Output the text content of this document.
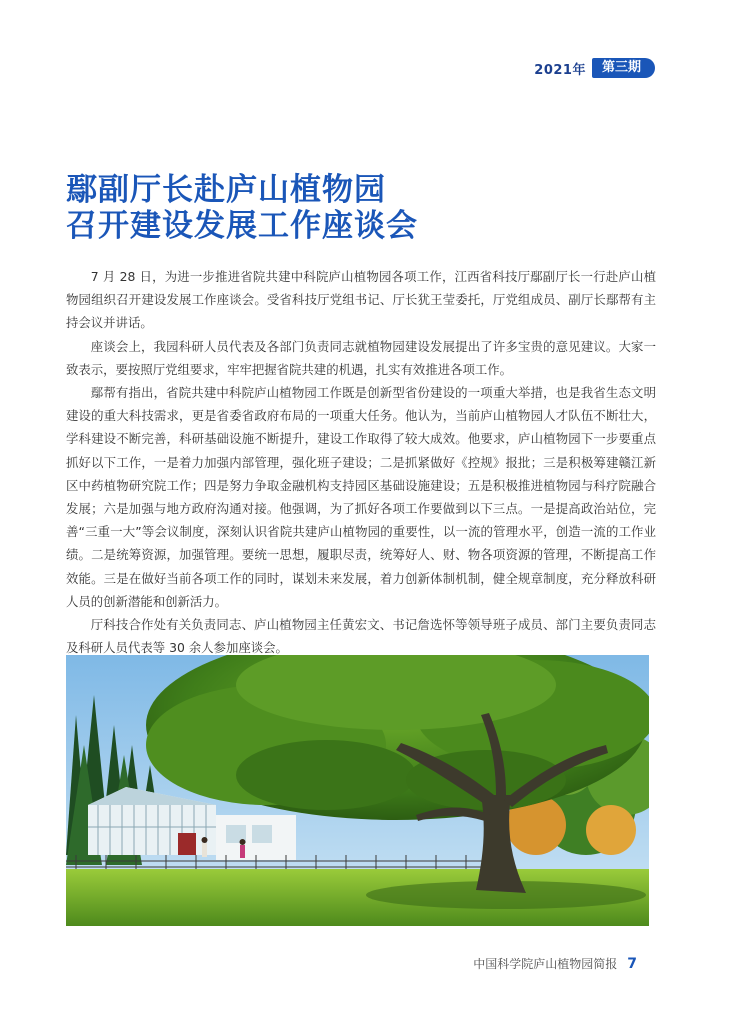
2021年	第三期
鄢副厅长赴庐山植物园
召开建设发展工作座谈会

7 月 28 日，为进一步推进省院共建中科院庐山植物园各项工作，江西省科技厅鄢副厅长一行赴庐山植物园组织召开建设发展工作座谈会。受省科技厅党组书记、厅长犹王莹委托，厅党组成员、副厅长鄢帮有主持会议并讲话。

座谈会上，我园科研人员代表及各部门负责同志就植物园建设发展提出了许多宝贵的意见建议。大家一致表示，要按照厅党组要求，牢牢把握省院共建的机遇，扎实有效推进各项工作。

鄢帮有指出，省院共建中科院庐山植物园工作既是创新型省份建设的一项重大举措，也是我省生态文明建设的重大科技需求，更是省委省政府布局的一项重大任务。他认为，当前庐山植物园人才队伍不断壮大，学科建设不断完善，科研基础设施不断提升，建设工作取得了较大成效。他要求，庐山植物园下一步要重点抓好以下工作，一是着力加强内部管理，强化班子建设；二是抓紧做好《控规》报批；三是积极筹建赣江新区中药植物研究院工作；四是努力争取金融机构支持园区基础设施建设；五是积极推进植物园与科疗院融合发展；六是加强与地方政府沟通对接。他强调，为了抓好各项工作要做到以下三点。一是提高政治站位，完善“三重一大”等会议制度，深刻认识省院共建庐山植物园的重要性，以一流的管理水平，创造一流的工作业绩。二是统筹资源，加强管理。要统一思想，履职尽责，统筹好人、财、物各项资源的管理，不断提高工作效能。三是在做好当前各项工作的同时，谋划未来发展，着力创新体制机制，健全规章制度，充分释放科研人员的创新潜能和创新活力。

厅科技合作处有关负责同志、庐山植物园主任黄宏文、书记詹选怀等领导班子成员、部门主要负责同志及科研人员代表等 30 余人参加座谈会。

中国科学院庐山植物园简报 7
